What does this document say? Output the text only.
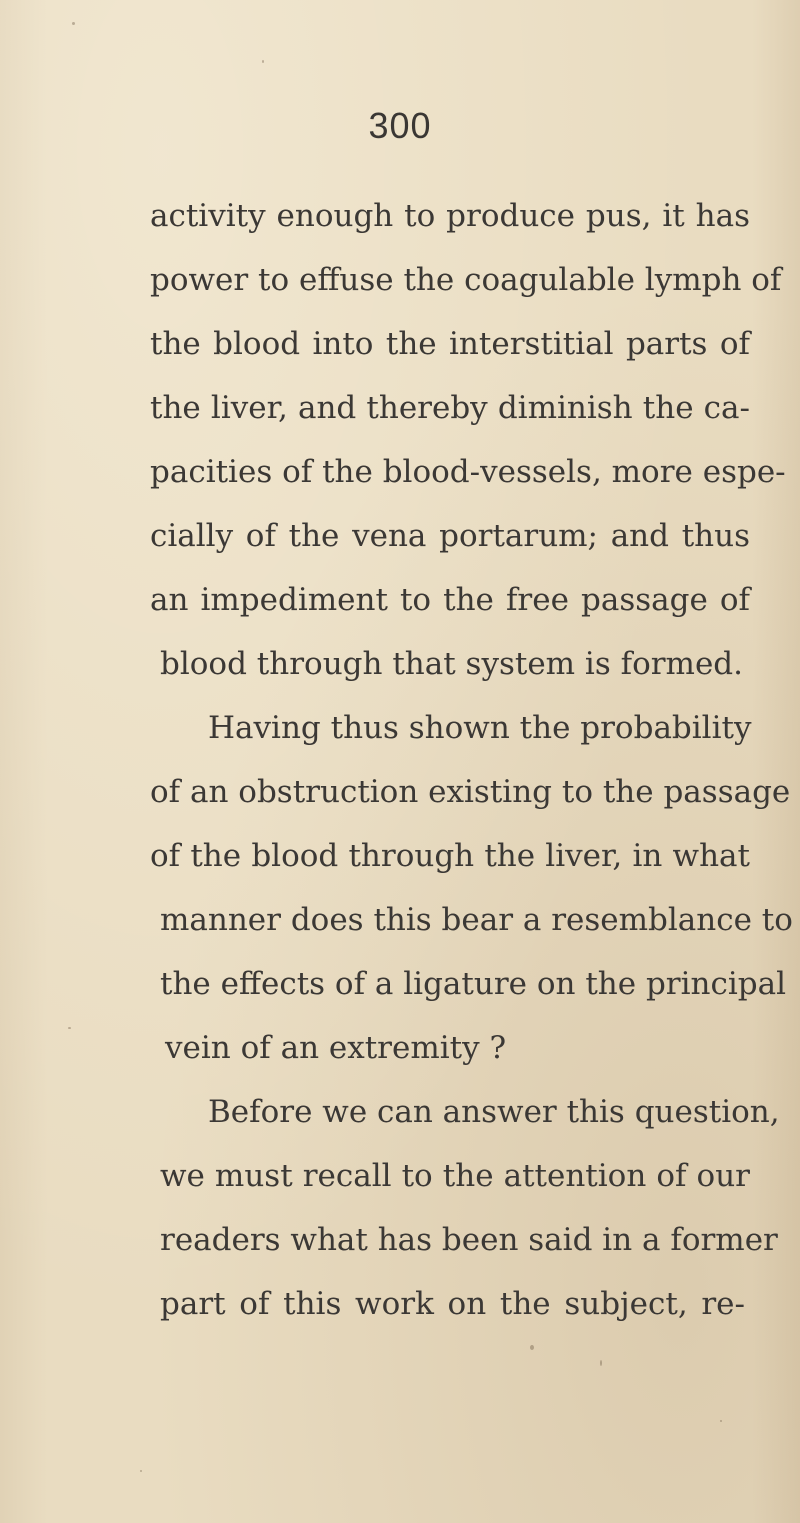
300
activity enough to produce pus, it has
power to effuse the coagulable lymph of
the blood into the interstitial parts of
the liver, and thereby diminish the ca-
pacities of the blood-vessels, more espe-
cially of the vena portarum; and thus
an impediment to the free passage of
blood through that system is formed.
Having thus shown the probability
of an obstruction existing to the passage
of the blood through the liver, in what
manner does this bear a resemblance to
the effects of a ligature on the principal
vein of an extremity ?
Before we can answer this question,
we must recall to the attention of our
readers what has been said in a former
part of this work on the subject, re-
